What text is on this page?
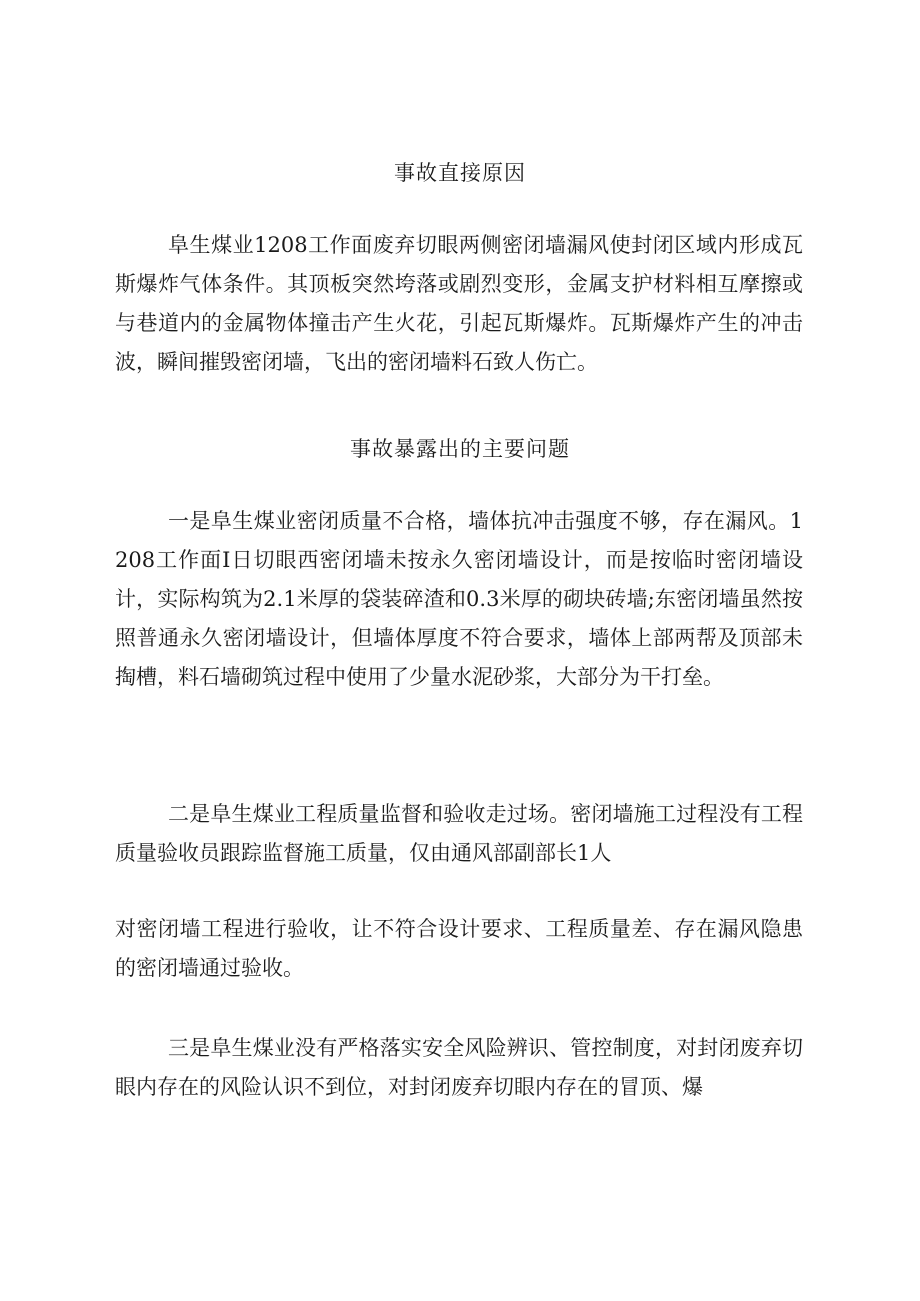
事故直接原因
阜生煤业1208工作面废弃切眼两侧密闭墙漏风使封闭区域内形成瓦斯爆炸气体条件。其顶板突然垮落或剧烈变形，金属支护材料相互摩擦或与巷道内的金属物体撞击产生火花，引起瓦斯爆炸。瓦斯爆炸产生的冲击波，瞬间摧毁密闭墙，飞出的密闭墙料石致人伤亡。
事故暴露出的主要问题
一是阜生煤业密闭质量不合格，墙体抗冲击强度不够，存在漏风。1208工作面I日切眼西密闭墙未按永久密闭墙设计，而是按临时密闭墙设计，实际构筑为2.1米厚的袋装碎渣和0.3米厚的砌块砖墙;东密闭墙虽然按照普通永久密闭墙设计，但墙体厚度不符合要求，墙体上部两帮及顶部未掏槽，料石墙砌筑过程中使用了少量水泥砂浆，大部分为干打垒。
二是阜生煤业工程质量监督和验收走过场。密闭墙施工过程没有工程质量验收员跟踪监督施工质量，仅由通风部副部长1人
对密闭墙工程进行验收，让不符合设计要求、工程质量差、存在漏风隐患的密闭墙通过验收。
三是阜生煤业没有严格落实安全风险辨识、管控制度，对封闭废弃切眼内存在的风险认识不到位，对封闭废弃切眼内存在的冒顶、爆
